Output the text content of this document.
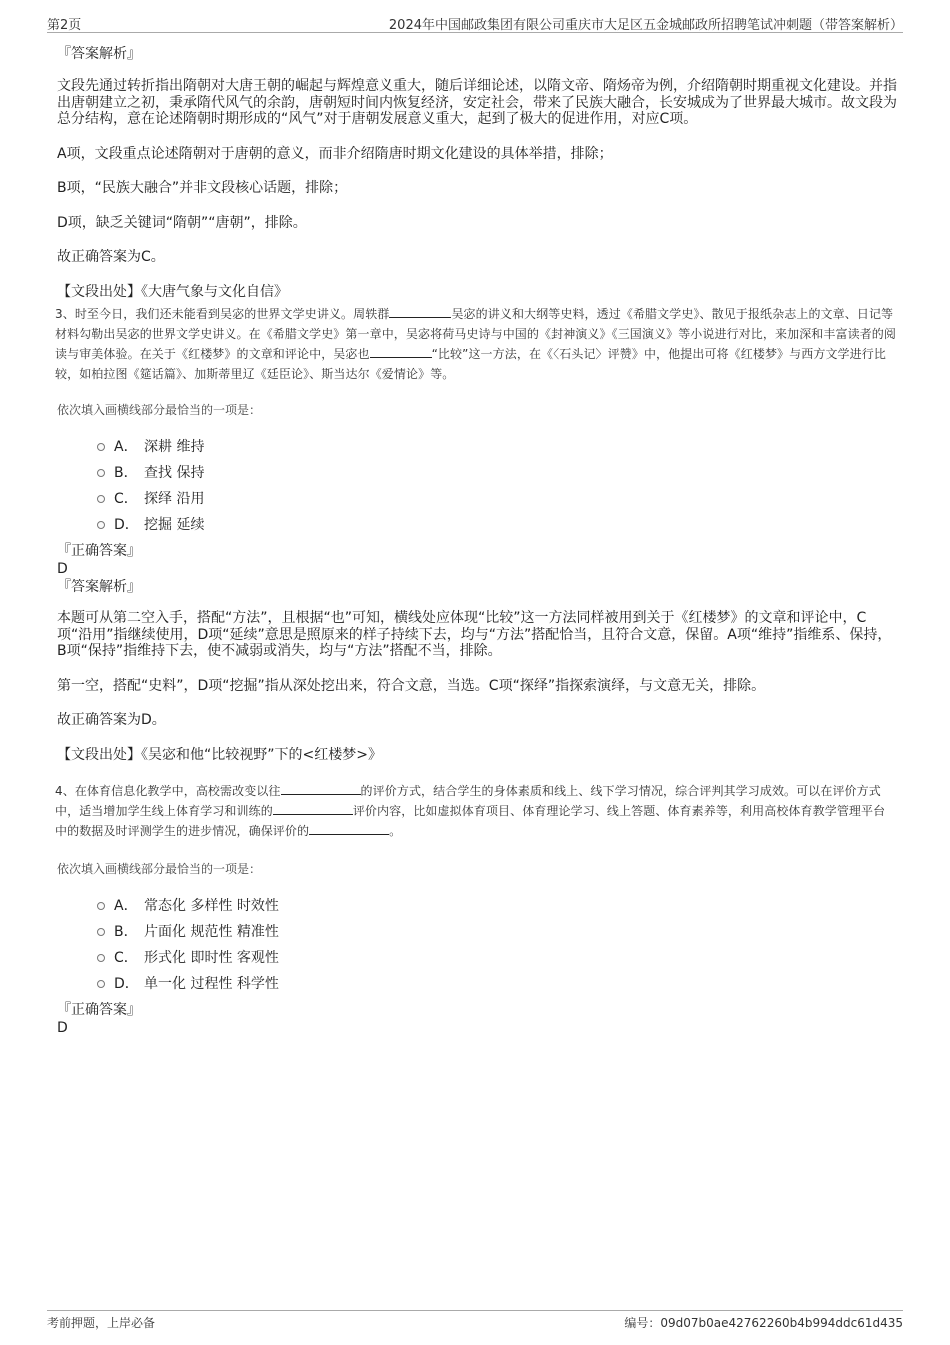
第2页	2024年中国邮政集团有限公司重庆市大足区五金城邮政所招聘笔试冲刺题（带答案解析）

『答案解析』

文段先通过转折指出隋朝对大唐王朝的崛起与辉煌意义重大，随后详细论述，以隋文帝、隋炀帝为例，介绍隋朝时期重视文化建设。并指出唐朝建立之初，秉承隋代风气的余韵，唐朝短时间内恢复经济，安定社会，带来了民族大融合，长安城成为了世界最大城市。故文段为总分结构，意在论述隋朝时期形成的“风气”对于唐朝发展意义重大，起到了极大的促进作用，对应C项。

A项，文段重点论述隋朝对于唐朝的意义，而非介绍隋唐时期文化建设的具体举措，排除；

B项，“民族大融合”并非文段核心话题，排除；

D项，缺乏关键词“隋朝”“唐朝”，排除。

故正确答案为C。

【文段出处】《大唐气象与文化自信》

3、时至今日，我们还未能看到吴宓的世界文学史讲义。周轶群	吴宓的讲义和大纲等史料，透过《希腊文学史》、散见于报纸杂志上的文章、日记等材料勾勒出吴宓的世界文学史讲义。在《希腊文学史》第一章中，吴宓将荷马史诗与中国的《封神演义》《三国演义》等小说进行对比，来加深和丰富读者的阅读与审美体验。在关于《红楼梦》的文章和评论中，吴宓也	“比较”这一方法，在《〈石头记〉评赞》中，他提出可将《红楼梦》与西方文学进行比较，如柏拉图《筵话篇》、加斯蒂里辽《廷臣论》、斯当达尔《爱情论》等。

依次填入画横线部分最恰当的一项是：

A． 深耕 维持
B． 查找 保持
C． 探绎 沿用
D． 挖掘 延续

『正确答案』

D

『答案解析』

本题可从第二空入手，搭配“方法”，且根据“也”可知，横线处应体现“比较”这一方法同样被用到关于《红楼梦》的文章和评论中，C项“沿用”指继续使用，D项“延续”意思是照原来的样子持续下去，均与“方法”搭配恰当，且符合文意，保留。A项“维持”指维系、保持，B项“保持”指维持下去，使不减弱或消失，均与“方法”搭配不当，排除。

第一空，搭配“史料”，D项“挖掘”指从深处挖出来，符合文意，当选。C项“探绎”指探索演绎，与文意无关，排除。

故正确答案为D。

【文段出处】《吴宓和他“比较视野”下的<红楼梦>》

4、在体育信息化教学中，高校需改变以往	的评价方式，结合学生的身体素质和线上、线下学习情况，综合评判其学习成效。可以在评价方式中，适当增加学生线上体育学习和训练的	评价内容，比如虚拟体育项目、体育理论学习、线上答题、体育素养等，利用高校体育教学管理平台中的数据及时评测学生的进步情况，确保评价的	。

依次填入画横线部分最恰当的一项是：

A． 常态化 多样性 时效性
B． 片面化 规范性 精准性
C． 形式化 即时性 客观性
D． 单一化 过程性 科学性

『正确答案』

D

考前押题，上岸必备	编号：09d07b0ae42762260b4b994ddc61d435
